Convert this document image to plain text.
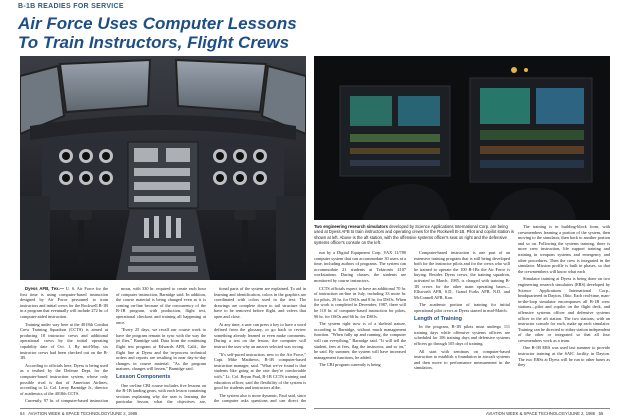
B-1B READIES FOR SERVICE
Air Force Uses Computer Lessons
To Train Instructors, Flight Crews
Two engineering research simulators developed by Science Applications International Corp. are being used at Dyess AFB to train instructors and operating crews for the Rockwell B-1B. Pilot and copilot station is shown at left. Above is the aft station, with the offensive systems officer's seat on right and the defensive systems officer's console on the left.

Dyess AFB, Tex.— U. S. Air Force for the first time is using computer-based instruction designed by Air Force personnel to train instructors and initial crews for the Rockwell B-1B in a program that eventually will include 272 hr. of computer-aided instruction.

Training under way here at the 4018th Combat Crew Training Squadron (CCTS) is aimed at producing 18 instructor crews and additional operational crews by the initial operating capability date of Oct. 1. By mid-May, six instructor crews had been checked out on the B-1B.

According to officials here, Dyess is being used as a testbed by the Defense Dept. for the computer-based instruction system, whose only possible rival is that of American Airlines, according to Lt. Col. Leroy Barnidge Jr., director of academics of the 4018th CCTS.

Currently, 97 hr. of computer-based instruction

mous, with 330 hr. required to create each hour of computer instruction, Barnidge said. In addition, the course material is being changed even as it is coming on-line because of the concurrency of the B-1B program, with production, flight test, operational checkout and training all happening at once.

"Every 25 days, we recall our course work to have the program remain in sync with the way the jet flies," Barnidge said. Data from the continuing flight test program at Edwards AFB, Calif., the flight line at Dyess and the in-process technical orders and reports are resulting in near day-to-day changes in course material. "As the program matures, changes will lessen," Barnidge said.

Lesson Components

One on-line CBI course includes five lessons on the B-1B landing gears, with each lesson containing sections explaining why the user is learning the particular lesson, what the objectives are,

tional parts of the system are explained. To aid in learning and identification, colors in the graphics are coordinated with colors used in the text. The drawings are complete down to tail structure that have to be removed before flight, and valves that open and close.

At any time, a user can press a key to have a word defined from the glossary, or go back to review something already learned or even make comments. During a test on the lesson, the computer will instruct the user why an answer selected was wrong.

"It's self-paced instruction, new to the Air Force," Capt. Mike Matthews, B-1B computer-based instruction manager, said. "What we've found is that students like going at the rate they're comfortable with." Lt. Col. Bryan Paul, B-1B CCTS training and education officer, said the flexibility of the system is good for students and instructors alike.

The system also is more dynamic, Paul said, since the computer asks questions and can direct the

run by a Digital Equipment Corp. VAX 11/780 computer system that can accommodate 30 users at a time, including authors of programs. The system can accommodate 21 students at Tektronix 4107 workstations. During classes, the students are monitored by course instructors.

CCTS officials expect to have an additional 70 hr. of instruction on-line in July, including 33 more hr. for pilots, 29 hr. for OSOs and 8 hr. for DSOs. When the work is completed in December, 1987, there will be 110 hr. of computer-based instruction for pilots, 96 hr. for OSOs and 66 hr. for DSOs.

The system right now is of a skeletal nature, according to Barnidge, without much management function. "When fully up and running, the computer will run everything," Barnidge said. "It will tell the student, fees at fees, flag the instructor, and so on," he said. By summer, the system will have increased management functions, he added.

The CBI program currently is being

Computer-based instruction is one part of an extensive training program that is still being developed both for the instructor pilots and for the crews who will be trained to operate the 100 B-1Bs the Air Force is buying. Besides Dyess crews, the training squadron, activated in March, 1985, is charged with training B-1B crews for the other main operating bases—Ellsworth AFB, S.D., Grand Forks AFB, N.D. and McConnell AFB, Kan.

The academic portion of training for initial operational pilot crews at Dyess started in mid-March.

Length of Training

In the program, B-1B pilots must undergo 111 training days while offensive systems officers are scheduled for 106 training days and defensive systems officers go through 105 days of training.

All start with seminars on computer-based instruction to establish a foundation in aircraft systems and then move to performance measurement in the simulators.

The training is in building-block form, with crewmembers learning a portion of the system, then moving to the simulator, then back to another portion and so on. Following the systems training, there is more crew instruction, life support training and training in weapons systems and emergency and other procedures. Then the crew is integrated in the simulator. Mission profile is built in phases, so that the crewmembers will know what each

Simulator training at Dyess is being done on two engineering research simulators (ERS) developed by Science Applications International Corp., headquartered in Dayton, Ohio. Each real-time, man-in-the-loop simulator encompasses all B-1B crew stations—pilot and copilot on the flight deck, and offensive systems officer and defensive systems officer in the aft station. The two stations, with an instructor console for each, make up each simulator. Training can be directed to either station independent of the other or integrated so that all four crewmembers work as a team.

One B-1B ERS was used last summer to provide instructor training at the SAIC facility in Dayton. The two ERSs at Dyess will be run to other bases as they

54 AVIATION WEEK & SPACE TECHNOLOGY/JUNE 2, 1986	AVIATION WEEK & SPACE TECHNOLOGY/JUNE 2, 1986 55
